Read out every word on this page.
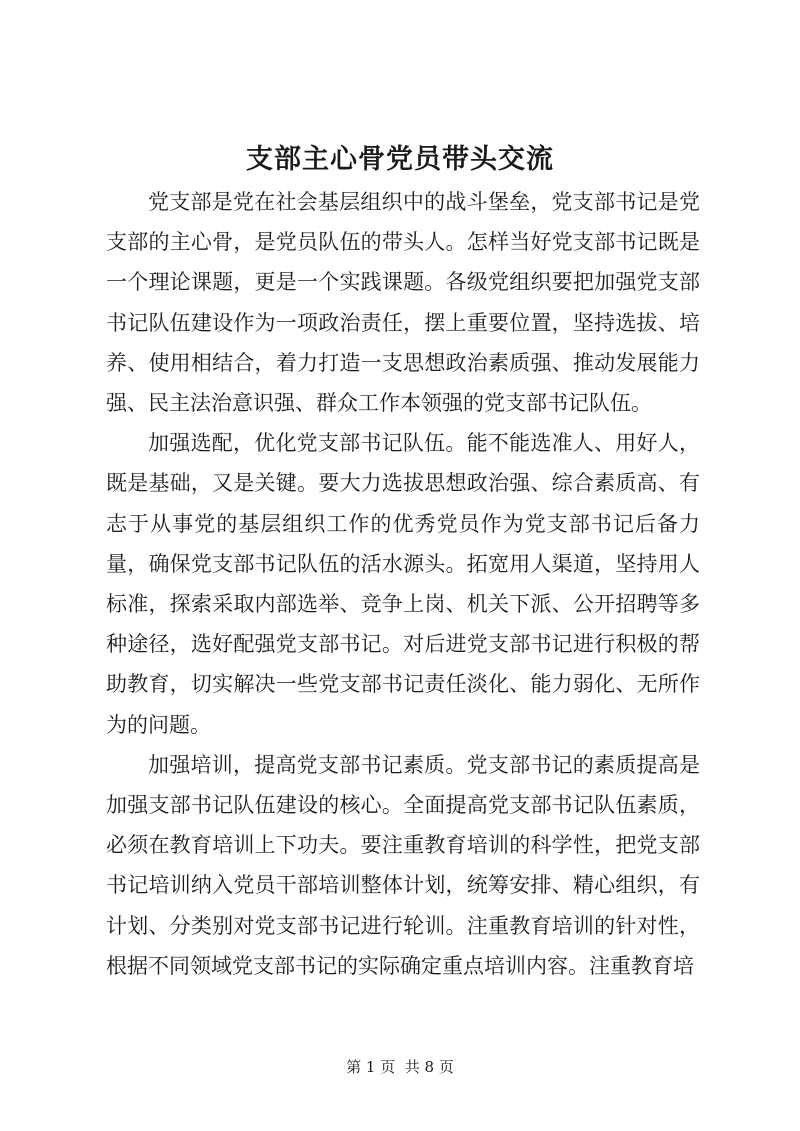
支部主心骨党员带头交流

党支部是党在社会基层组织中的战斗堡垒，党支部书记是党支部的主心骨，是党员队伍的带头人。怎样当好党支部书记既是一个理论课题，更是一个实践课题。各级党组织要把加强党支部书记队伍建设作为一项政治责任，摆上重要位置，坚持选拔、培养、使用相结合，着力打造一支思想政治素质强、推动发展能力强、民主法治意识强、群众工作本领强的党支部书记队伍。

加强选配，优化党支部书记队伍。能不能选准人、用好人，既是基础，又是关键。要大力选拔思想政治强、综合素质高、有志于从事党的基层组织工作的优秀党员作为党支部书记后备力量，确保党支部书记队伍的活水源头。拓宽用人渠道，坚持用人标准，探索采取内部选举、竞争上岗、机关下派、公开招聘等多种途径，选好配强党支部书记。对后进党支部书记进行积极的帮助教育，切实解决一些党支部书记责任淡化、能力弱化、无所作为的问题。

加强培训，提高党支部书记素质。党支部书记的素质提高是加强支部书记队伍建设的核心。全面提高党支部书记队伍素质，必须在教育培训上下功夫。要注重教育培训的科学性，把党支部书记培训纳入党员干部培训整体计划，统筹安排、精心组织，有计划、分类别对党支部书记进行轮训。注重教育培训的针对性，根据不同领域党支部书记的实际确定重点培训内容。注重教育培

第 1 页  共 8 页
